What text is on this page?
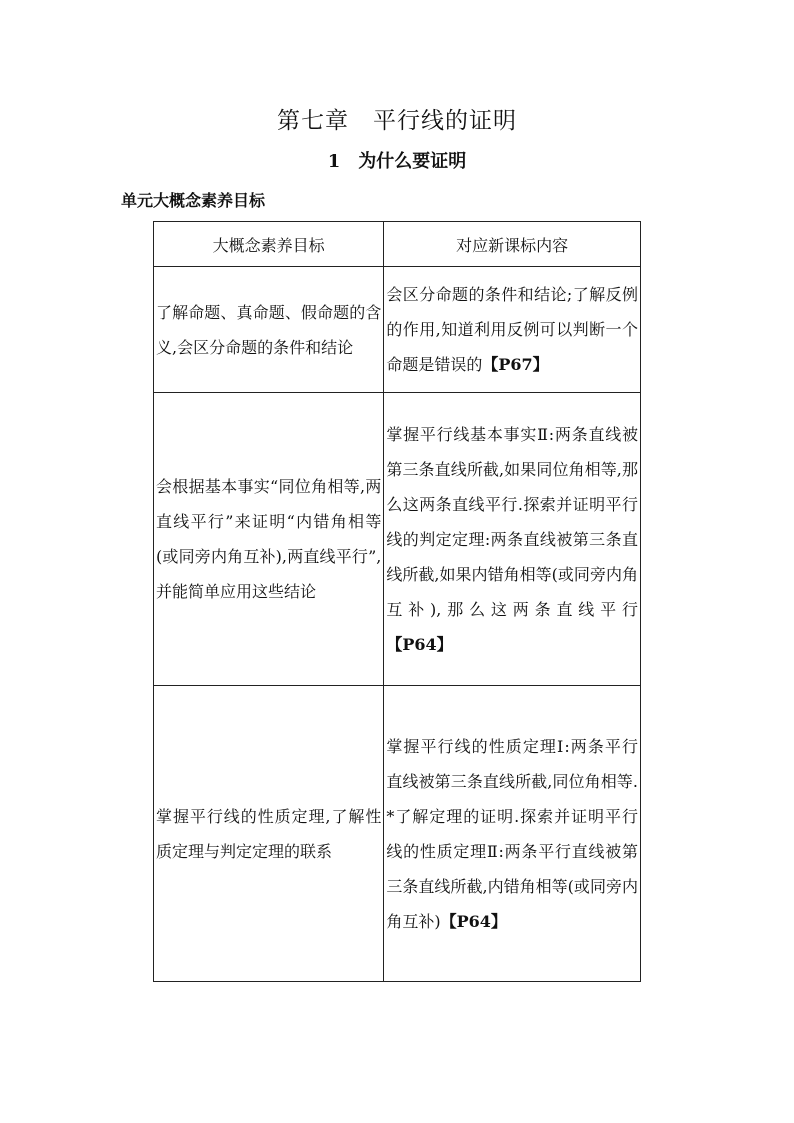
第七章　平行线的证明
1　为什么要证明
单元大概念素养目标
大概念素养目标	对应新课标内容
了解命题、真命题、假命题的含义,会区分命题的条件和结论	会区分命题的条件和结论;了解反例的作用,知道利用反例可以判断一个命题是错误的【P67】
会根据基本事实“同位角相等,两直线平行”来证明“内错角相等(或同旁内角互补),两直线平行”,并能简单应用这些结论	掌握平行线基本事实Ⅱ:两条直线被第三条直线所截,如果同位角相等,那么这两条直线平行.探索并证明平行线的判定定理:两条直线被第三条直线所截,如果内错角相等(或同旁内角互补),那么这两条直线平行【P64】
掌握平行线的性质定理,了解性质定理与判定定理的联系	掌握平行线的性质定理Ⅰ:两条平行直线被第三条直线所截,同位角相等.*了解定理的证明.探索并证明平行线的性质定理Ⅱ:两条平行直线被第三条直线所截,内错角相等(或同旁内角互补)【P64】
